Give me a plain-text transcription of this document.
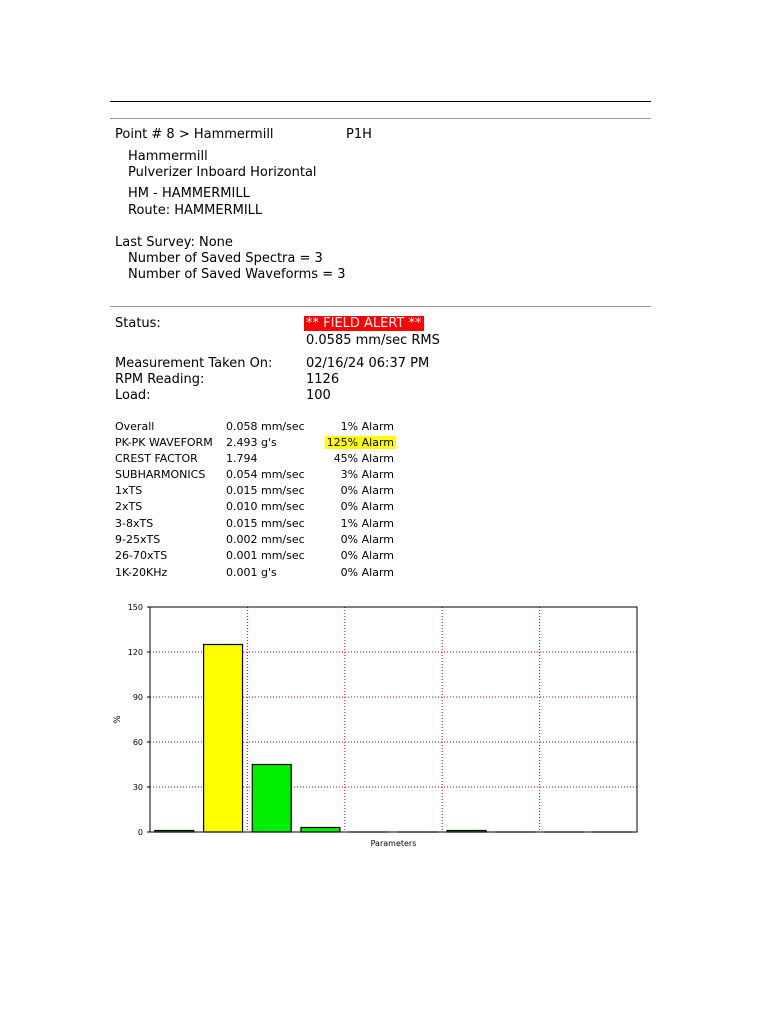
Point # 8 > Hammermill	P1H
Hammermill
Pulverizer Inboard Horizontal
HM - HAMMERMILL
Route: HAMMERMILL
Last Survey: None
Number of Saved Spectra = 3
Number of Saved Waveforms = 3
Status:	** FIELD ALERT **
0.0585 mm/sec RMS
Measurement Taken On:	02/16/24 06:37 PM
RPM Reading:	1126
Load:	100
Overall	0.058 mm/sec	1% Alarm
PK-PK WAVEFORM 2.493 g's	125% Alarm
CREST FACTOR	1.794	45% Alarm
SUBHARMONICS 0.054 mm/sec	3% Alarm
1xTS	0.015 mm/sec	0% Alarm
2xTS	0.010 mm/sec	0% Alarm
3-8xTS	0.015 mm/sec	1% Alarm
9-25xTS	0.002 mm/sec	0% Alarm
26-70xTS	0.001 mm/sec	0% Alarm
1K-20KHz	0.001 g's	0% Alarm
0
30
60
90
120
150
Parameters
%
